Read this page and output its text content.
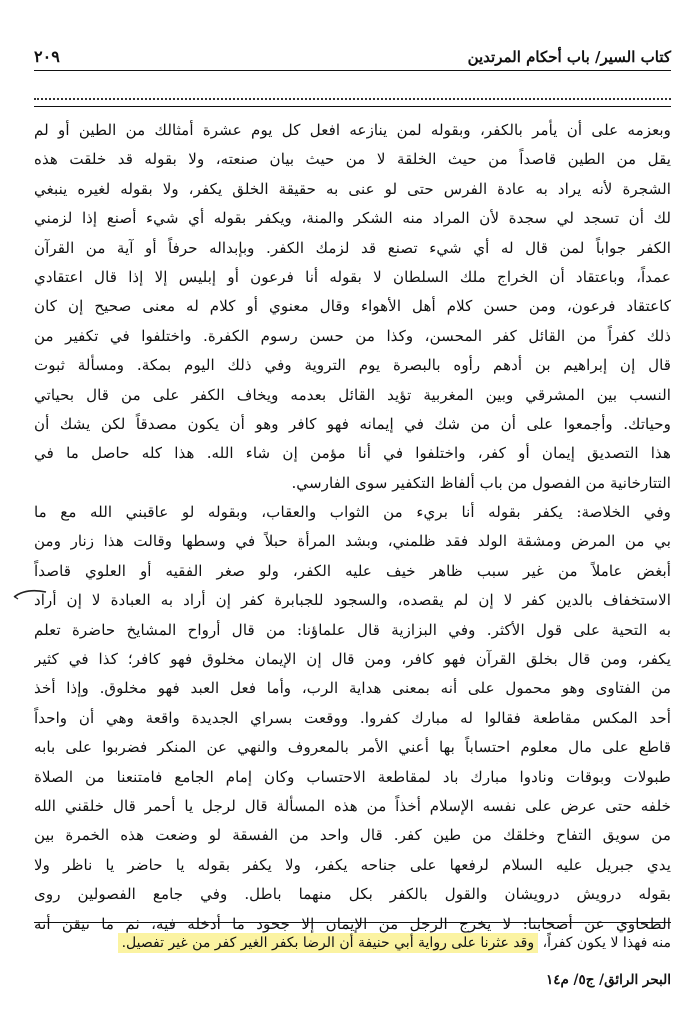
كتاب السير/ باب أحكام المرتدين
٢٠٩
وبعزمه على أن يأمر بالكفر، وبقوله لمن ينازعه افعل كل يوم عشرة أمثالك من الطين أو لم
يقل من الطين قاصداً من حيث الخلقة لا من حيث بيان صنعته، ولا بقوله قد خلقت هذه
الشجرة لأنه يراد به عادة الفرس حتى لو عنى به حقيقة الخلق يكفر، ولا بقوله لغيره ينبغي
لك أن تسجد لي سجدة لأن المراد منه الشكر والمنة، ويكفر بقوله أي شيء أصنع إذا لزمني
الكفر جواباً لمن قال له أي شيء تصنع قد لزمك الكفر. وبإبداله حرفاً أو آية من القرآن
عمداً، وباعتقاد أن الخراج ملك السلطان لا بقوله أنا فرعون أو إبليس إلا إذا قال اعتقادي
كاعتقاد فرعون، ومن حسن كلام أهل الأهواء وقال معنوي أو كلام له معنى صحيح إن كان
ذلك كفراً من القائل كفر المحسن، وكذا من حسن رسوم الكفرة. واختلفوا في تكفير من
قال إن إبراهيم بن أدهم رأوه بالبصرة يوم التروية وفي ذلك اليوم بمكة. ومسألة ثبوت
النسب بين المشرقي وبين المغربية تؤيد القائل بعدمه ويخاف الكفر على من قال بحياتي
وحياتك. وأجمعوا على أن من شك في إيمانه فهو كافر وهو أن يكون مصدقاً لكن يشك أن
هذا التصديق إيمان أو كفر، واختلفوا في أنا مؤمن إن شاء الله. هذا كله حاصل ما في
التتارخانية من الفصول من باب ألفاظ التكفير سوى الفارسي.
وفي الخلاصة: يكفر بقوله أنا بريء من الثواب والعقاب، وبقوله لو عاقبني الله مع ما
بي من المرض ومشقة الولد فقد ظلمني، وبشد المرأة حبلاً في وسطها وقالت هذا زنار ومن
أبغض عاملاً من غير سبب ظاهر خيف عليه الكفر، ولو صغر الفقيه أو العلوي قاصداً
الاستخفاف بالدين كفر لا إن لم يقصده، والسجود للجبابرة كفر إن أراد به العبادة لا إن أراد
به التحية على قول الأكثر. وفي البزازية قال علماؤنا: من قال أرواح المشايخ حاضرة تعلم
يكفر، ومن قال بخلق القرآن فهو كافر، ومن قال إن الإيمان مخلوق فهو كافر؛ كذا في كثير
من الفتاوى وهو محمول على أنه بمعنى هداية الرب، وأما فعل العبد فهو مخلوق. وإذا أخذ
أحد المكس مقاطعة فقالوا له مبارك كفروا. ووقعت بسراي الجديدة واقعة وهي أن واحداً
قاطع على مال معلوم احتساباً بها أعني الأمر بالمعروف والنهي عن المنكر فضربوا على بابه
طبولات وبوقات ونادوا مبارك باد لمقاطعة الاحتساب وكان إمام الجامع فامتنعنا من الصلاة
خلفه حتى عرض على نفسه الإسلام أخذاً من هذه المسألة قال لرجل يا أحمر قال خلقني الله
من سويق التفاح وخلقك من طين كفر. قال واحد من الفسقة لو وضعت هذه الخمرة بين
يدي جبريل عليه السلام لرفعها على جناحه يكفر، ولا يكفر بقوله يا حاضر يا ناظر ولا
بقوله درويش درويشان والقول بالكفر بكل منهما باطل. وفي جامع الفصولين روى
الطحاوي عن أصحابنا: لا يخرج الرجل من الإيمان إلا جحود ما أدخله فيه، ثم ما تيقن أنه
منه فهذا لا يكون كفراً، وقد عثرنا على رواية أبي حنيفة أن الرضا بكفر الغير كفر من غير تفصيل.
البحر الرائق/ ج٥/ م١٤
